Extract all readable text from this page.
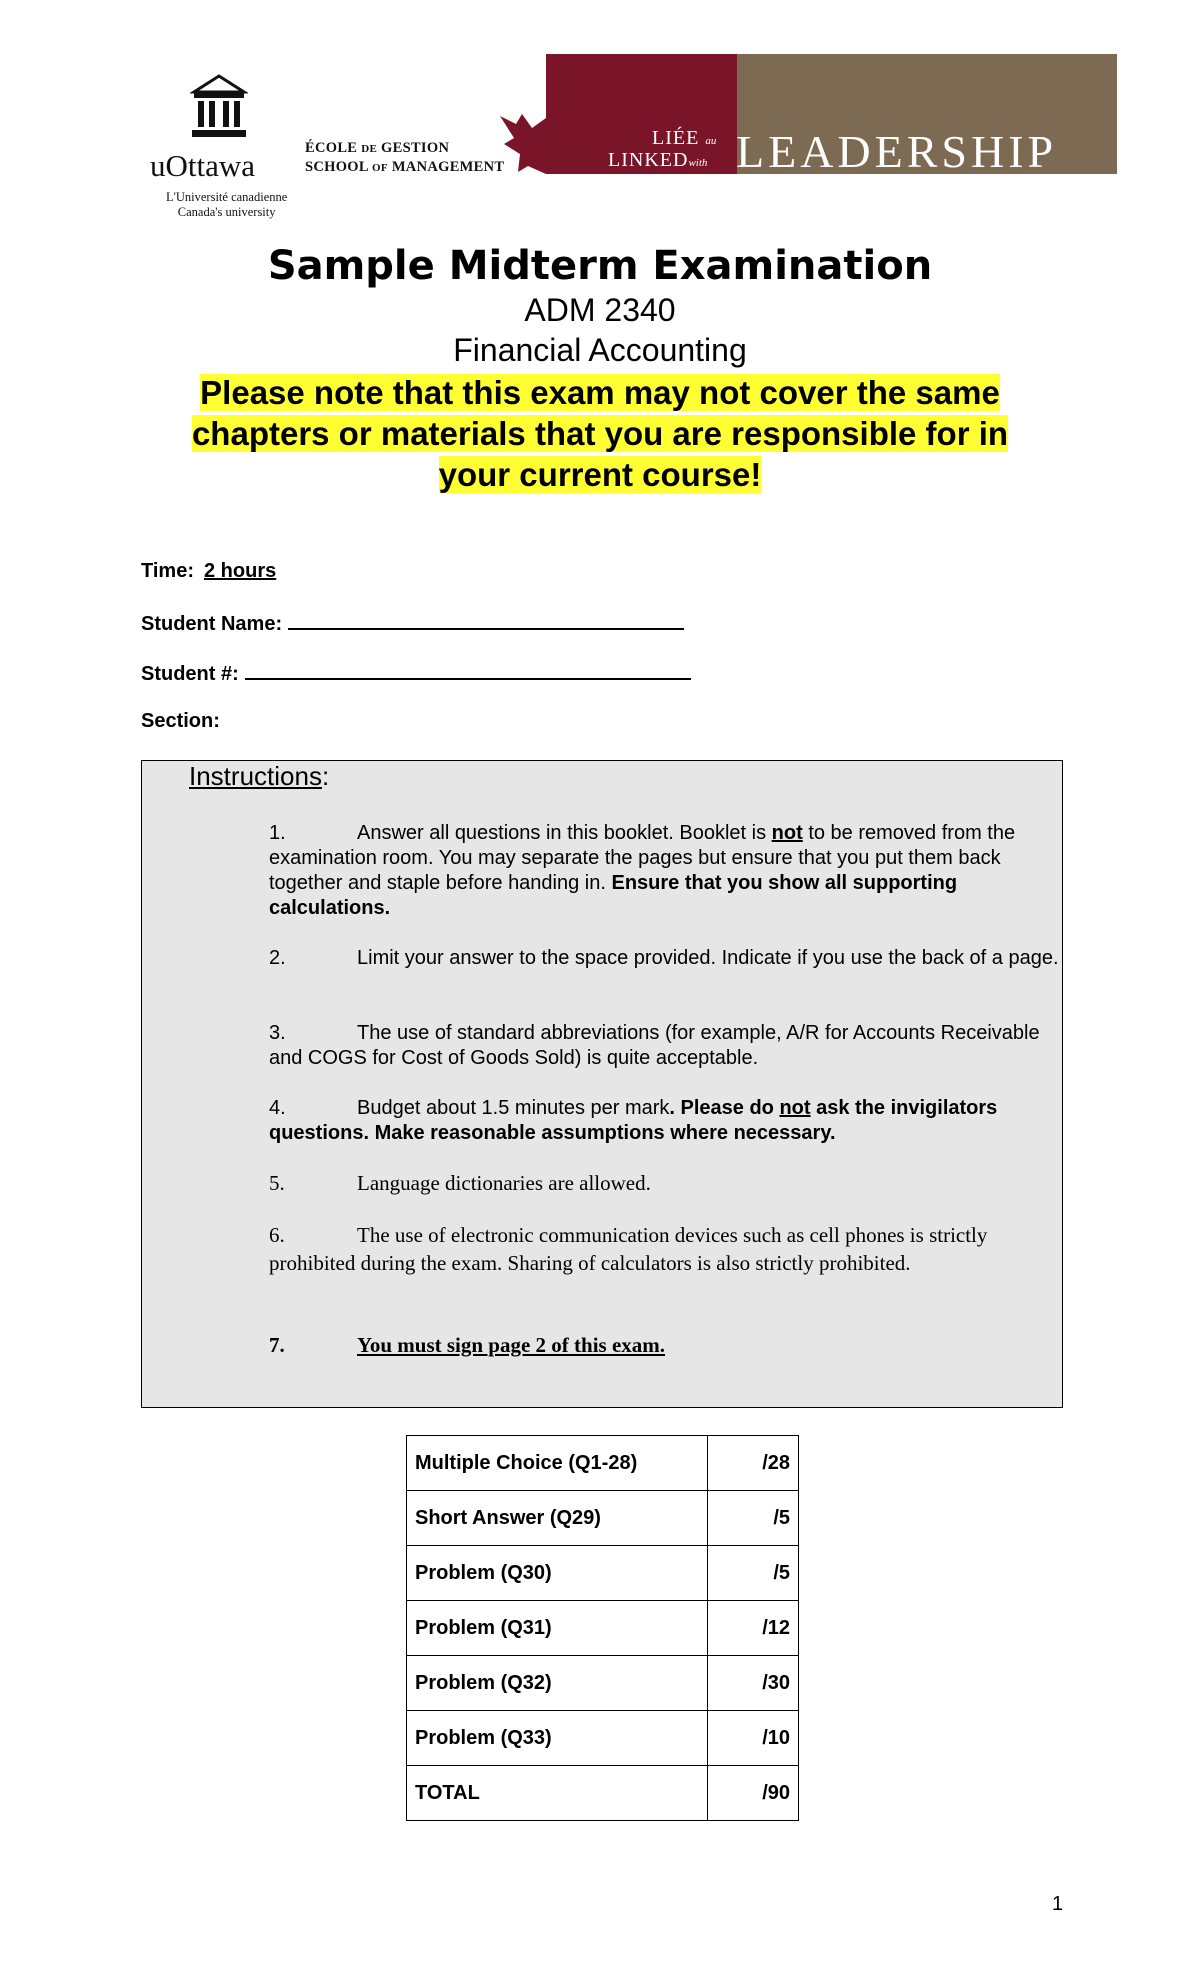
uOttawa
L'Université canadienne
Canada's university
ÉCOLE DE GESTION
SCHOOL OF MANAGEMENT
LIÉE au
LINKEDwith LEADERSHIP
Sample Midterm Examination
ADM 2340
Financial Accounting
Please note that this exam may not cover the same
chapters or materials that you are responsible for in
your current course!
Time: 2 hours
Student Name:
Student #:
Section:
Instructions:
1.	Answer all questions in this booklet. Booklet is not to be removed from the examination room. You may separate the pages but ensure that you put them back together and staple before handing in. Ensure that you show all supporting calculations.
2.	Limit your answer to the space provided. Indicate if you use the back of a page.
3.	The use of standard abbreviations (for example, A/R for Accounts Receivable and COGS for Cost of Goods Sold) is quite acceptable.
4.	Budget about 1.5 minutes per mark. Please do not ask the invigilators questions. Make reasonable assumptions where necessary.
5.	Language dictionaries are allowed.
6.	The use of electronic communication devices such as cell phones is strictly prohibited during the exam. Sharing of calculators is also strictly prohibited.
7.	You must sign page 2 of this exam.
Multiple Choice (Q1-28)	/28
Short Answer (Q29)	/5
Problem (Q30)	/5
Problem (Q31)	/12
Problem (Q32)	/30
Problem (Q33)	/10
TOTAL	/90
1
